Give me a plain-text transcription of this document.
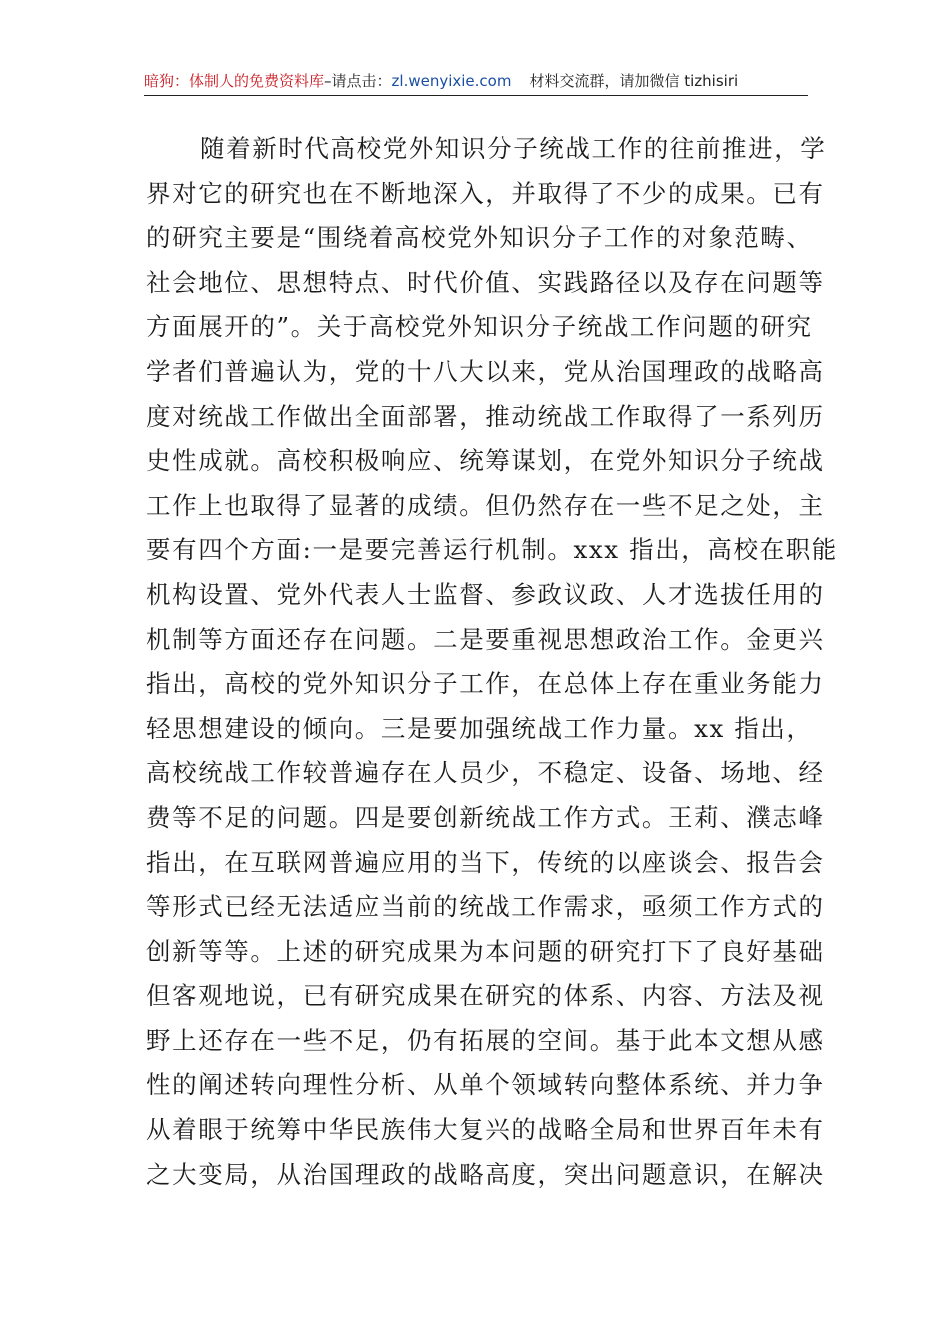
暗狗：体制人的免费资料库–请点击：zl.wenyixie.com 材料交流群，请加微信 tizhisiri
随着新时代高校党外知识分子统战工作的往前推进，学
界对它的研究也在不断地深入，并取得了不少的成果。已有
的研究主要是“围绕着高校党外知识分子工作的对象范畴、
社会地位、思想特点、时代价值、实践路径以及存在问题等
方面展开的”。关于高校党外知识分子统战工作问题的研究
学者们普遍认为，党的十八大以来，党从治国理政的战略高
度对统战工作做出全面部署，推动统战工作取得了一系列历
史性成就。高校积极响应、统筹谋划，在党外知识分子统战
工作上也取得了显著的成绩。但仍然存在一些不足之处，主
要有四个方面:一是要完善运行机制。xxx 指出，高校在职能
机构设置、党外代表人士监督、参政议政、人才选拔任用的
机制等方面还存在问题。二是要重视思想政治工作。金更兴
指出，高校的党外知识分子工作，在总体上存在重业务能力
轻思想建设的倾向。三是要加强统战工作力量。xx 指出，
高校统战工作较普遍存在人员少，不稳定、设备、场地、经
费等不足的问题。四是要创新统战工作方式。王莉、濮志峰
指出，在互联网普遍应用的当下，传统的以座谈会、报告会
等形式已经无法适应当前的统战工作需求，亟须工作方式的
创新等等。上述的研究成果为本问题的研究打下了良好基础
但客观地说，已有研究成果在研究的体系、内容、方法及视
野上还存在一些不足，仍有拓展的空间。基于此本文想从感
性的阐述转向理性分析、从单个领域转向整体系统、并力争
从着眼于统筹中华民族伟大复兴的战略全局和世界百年未有
之大变局，从治国理政的战略高度，突出问题意识，在解决
